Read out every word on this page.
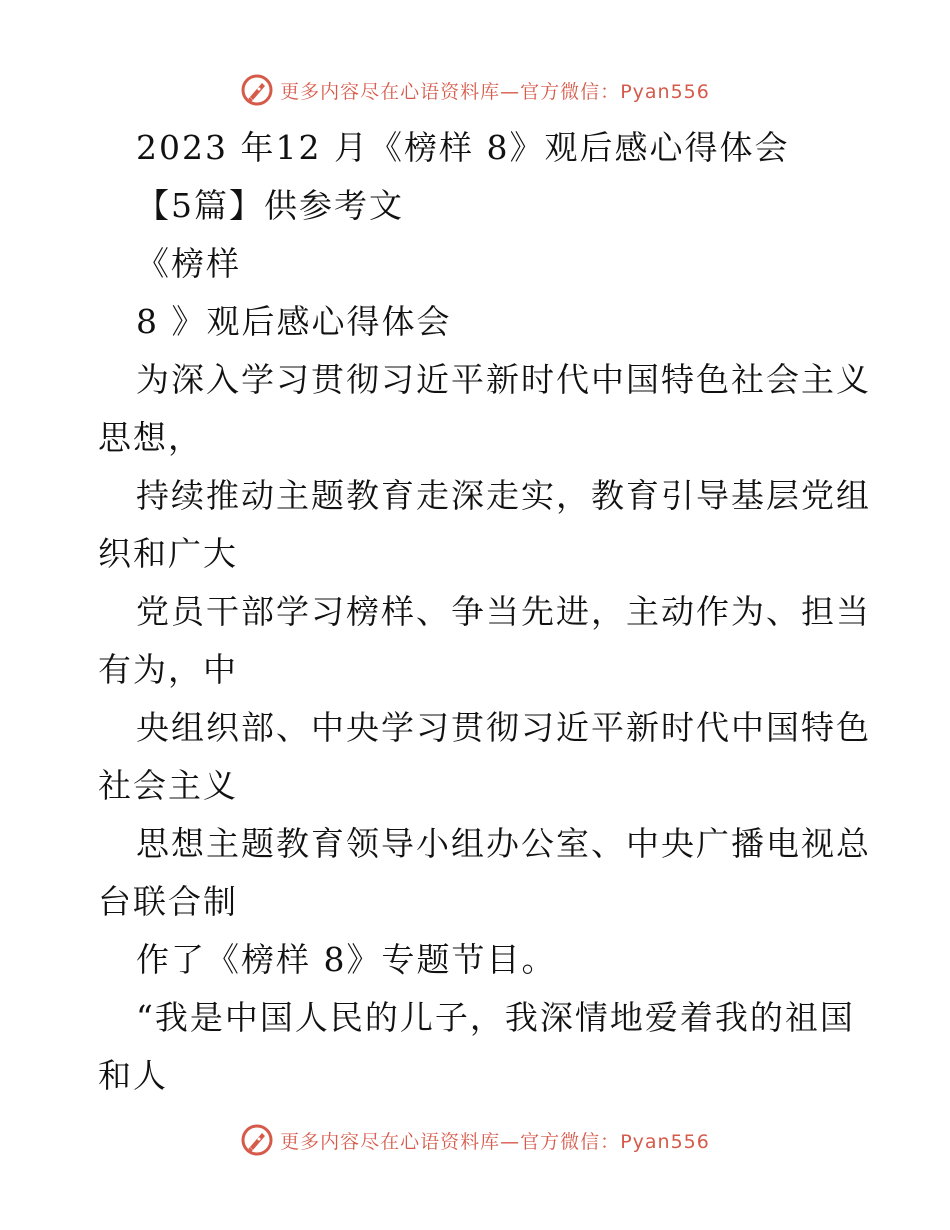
更多内容尽在心语资料库—官方微信：Pyan556
2023 年12 月《榜样 8》观后感心得体会
【5篇】供参考文
《榜样
8 》观后感心得体会
为深入学习贯彻习近平新时代中国特色社会主义
思想，
持续推动主题教育走深走实，教育引导基层党组
织和广大
党员干部学习榜样、争当先进，主动作为、担当
有为，中
央组织部、中央学习贯彻习近平新时代中国特色
社会主义
思想主题教育领导小组办公室、中央广播电视总
台联合制
作了《榜样 8》专题节目。
“我是中国人民的儿子，我深情地爱着我的祖国
和人
更多内容尽在心语资料库—官方微信：Pyan556
